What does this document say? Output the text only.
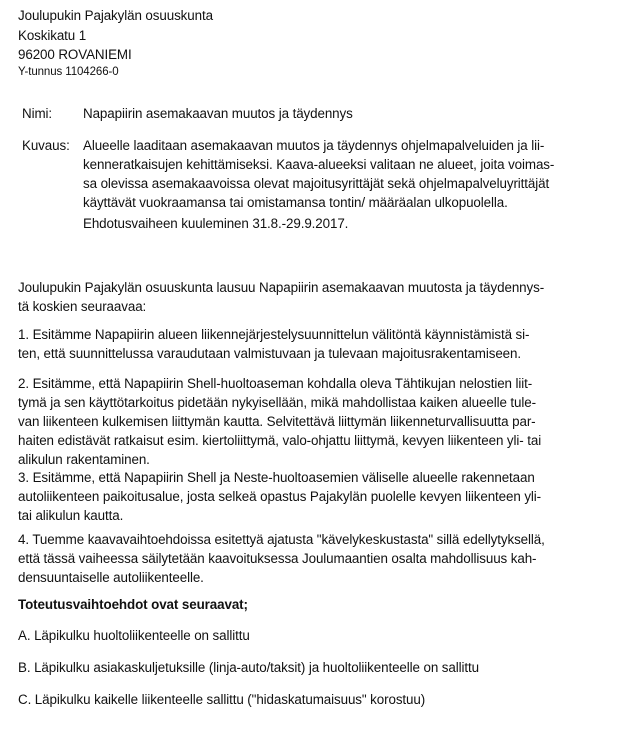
Joulupukin Pajakylän osuuskunta
Koskikatu 1
96200 ROVANIEMI
Y-tunnus 1104266-0
Nimi: Napapiirin asemakaavan muutos ja täydennys
Kuvaus: Alueelle laaditaan asemakaavan muutos ja täydennys ohjelmapalveluiden ja lii-
kenneratkaisujen kehittämiseksi. Kaava-alueeksi valitaan ne alueet, joita voimas-
sa olevissa asemakaavoissa olevat majoitusyrittäjät sekä ohjelmapalveluyrittäjät
käyttävät vuokraamansa tai omistamansa tontin/ määräalan ulkopuolella.
Ehdotusvaiheen kuuleminen 31.8.-29.9.2017.
Joulupukin Pajakylän osuuskunta lausuu Napapiirin asemakaavan muutosta ja täydennys-
tä koskien seuraavaa:
1. Esitämme Napapiirin alueen liikennejärjestelysuunnittelun välitöntä käynnistämistä si-
ten, että suunnittelussa varaudutaan valmistuvaan ja tulevaan majoitusrakentamiseen.
2. Esitämme, että Napapiirin Shell-huoltoaseman kohdalla oleva Tähtikujan nelostien liit-
tymä ja sen käyttötarkoitus pidetään nykyisellään, mikä mahdollistaa kaiken alueelle tule-
van liikenteen kulkemisen liittymän kautta. Selvitettävä liittymän liikenneturvallisuutta par-
haiten edistävät ratkaisut esim. kiertoliittymä, valo-ohjattu liittymä, kevyen liikenteen yli- tai
alikulun rakentaminen.
3. Esitämme, että Napapiirin Shell ja Neste-huoltoasemien väliselle alueelle rakennetaan
autoliikenteen paikoitusalue, josta selkeä opastus Pajakylän puolelle kevyen liikenteen yli-
tai alikulun kautta.
4. Tuemme kaavavaihtoehdoissa esitettyä ajatusta "kävelykeskustasta" sillä edellytyksellä,
että tässä vaiheessa säilytetään kaavoituksessa Joulumaantien osalta mahdollisuus kah-
densuuntaiselle autoliikenteelle.
Toteutusvaihtoehdot ovat seuraavat;
A. Läpikulku huoltoliikenteelle on sallittu
B. Läpikulku asiakaskuljetuksille (linja-auto/taksit) ja huoltoliikenteelle on sallittu
C. Läpikulku kaikelle liikenteelle sallittu ("hidaskatumaisuus" korostuu)
